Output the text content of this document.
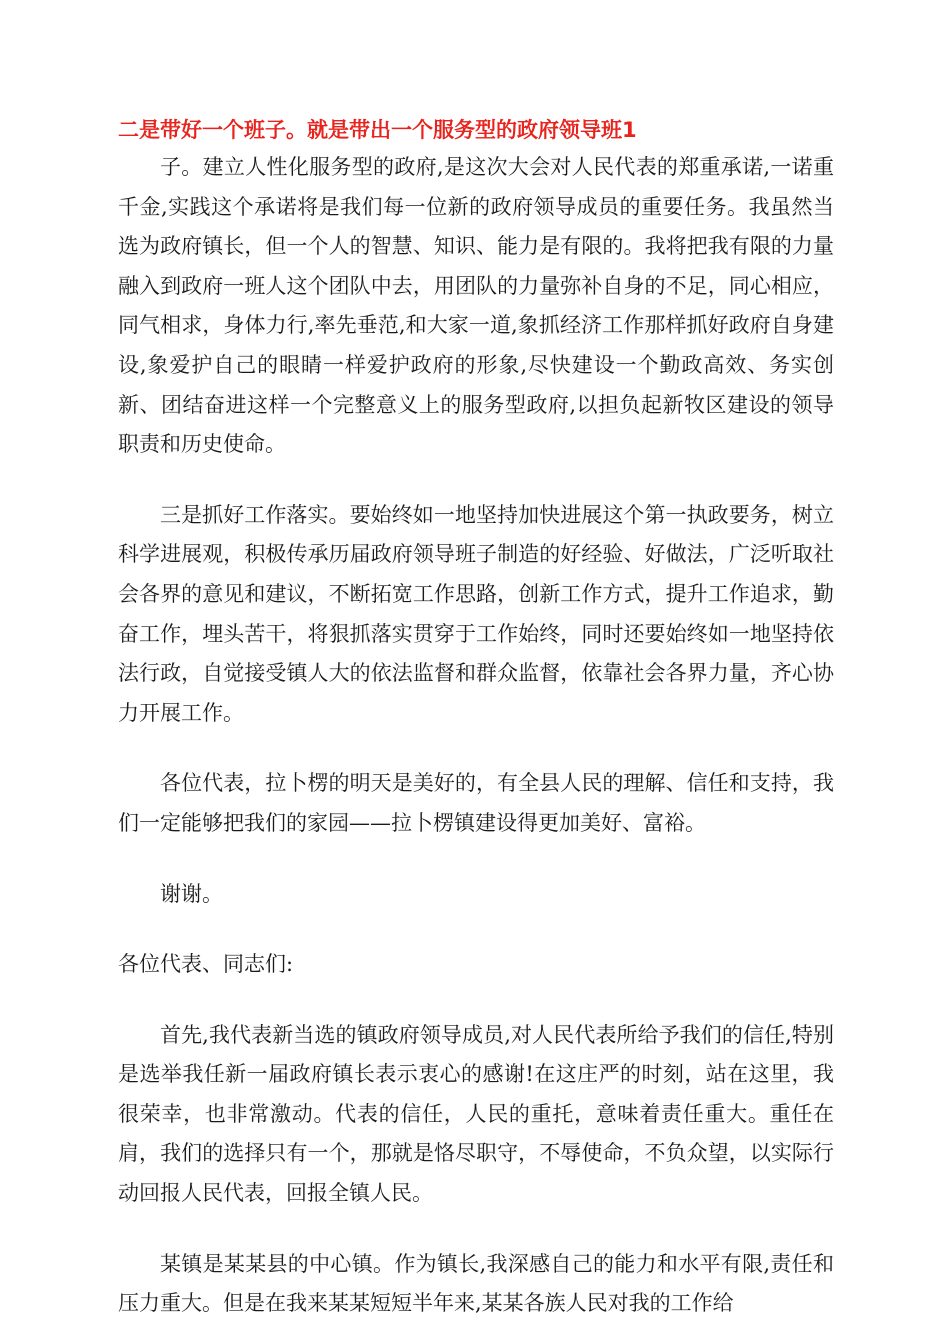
二是带好一个班子。就是带出一个服务型的政府领导班1

子。建立人性化服务型的政府,是这次大会对人民代表的郑重承诺,一诺重千金,实践这个承诺将是我们每一位新的政府领导成员的重要任务。我虽然当选为政府镇长，但一个人的智慧、知识、能力是有限的。我将把我有限的力量融入到政府一班人这个团队中去，用团队的力量弥补自身的不足，同心相应，同气相求，身体力行,率先垂范,和大家一道,象抓经济工作那样抓好政府自身建设,象爱护自己的眼睛一样爱护政府的形象,尽快建设一个勤政高效、务实创新、团结奋进这样一个完整意义上的服务型政府,以担负起新牧区建设的领导职责和历史使命。

三是抓好工作落实。要始终如一地坚持加快进展这个第一执政要务，树立科学进展观，积极传承历届政府领导班子制造的好经验、好做法，广泛听取社会各界的意见和建议，不断拓宽工作思路，创新工作方式，提升工作追求，勤奋工作，埋头苦干，将狠抓落实贯穿于工作始终，同时还要始终如一地坚持依法行政，自觉接受镇人大的依法监督和群众监督，依靠社会各界力量，齐心协力开展工作。

各位代表，拉卜楞的明天是美好的，有全县人民的理解、信任和支持，我们一定能够把我们的家园——拉卜楞镇建设得更加美好、富裕。

谢谢。

各位代表、同志们:

首先,我代表新当选的镇政府领导成员,对人民代表所给予我们的信任,特别是选举我任新一届政府镇长表示衷心的感谢!在这庄严的时刻，站在这里，我很荣幸，也非常激动。代表的信任，人民的重托，意味着责任重大。重任在肩，我们的选择只有一个，那就是恪尽职守，不辱使命，不负众望，以实际行动回报人民代表，回报全镇人民。

某镇是某某县的中心镇。作为镇长,我深感自己的能力和水平有限,责任和压力重大。但是在我来某某短短半年来,某某各族人民对我的工作给
